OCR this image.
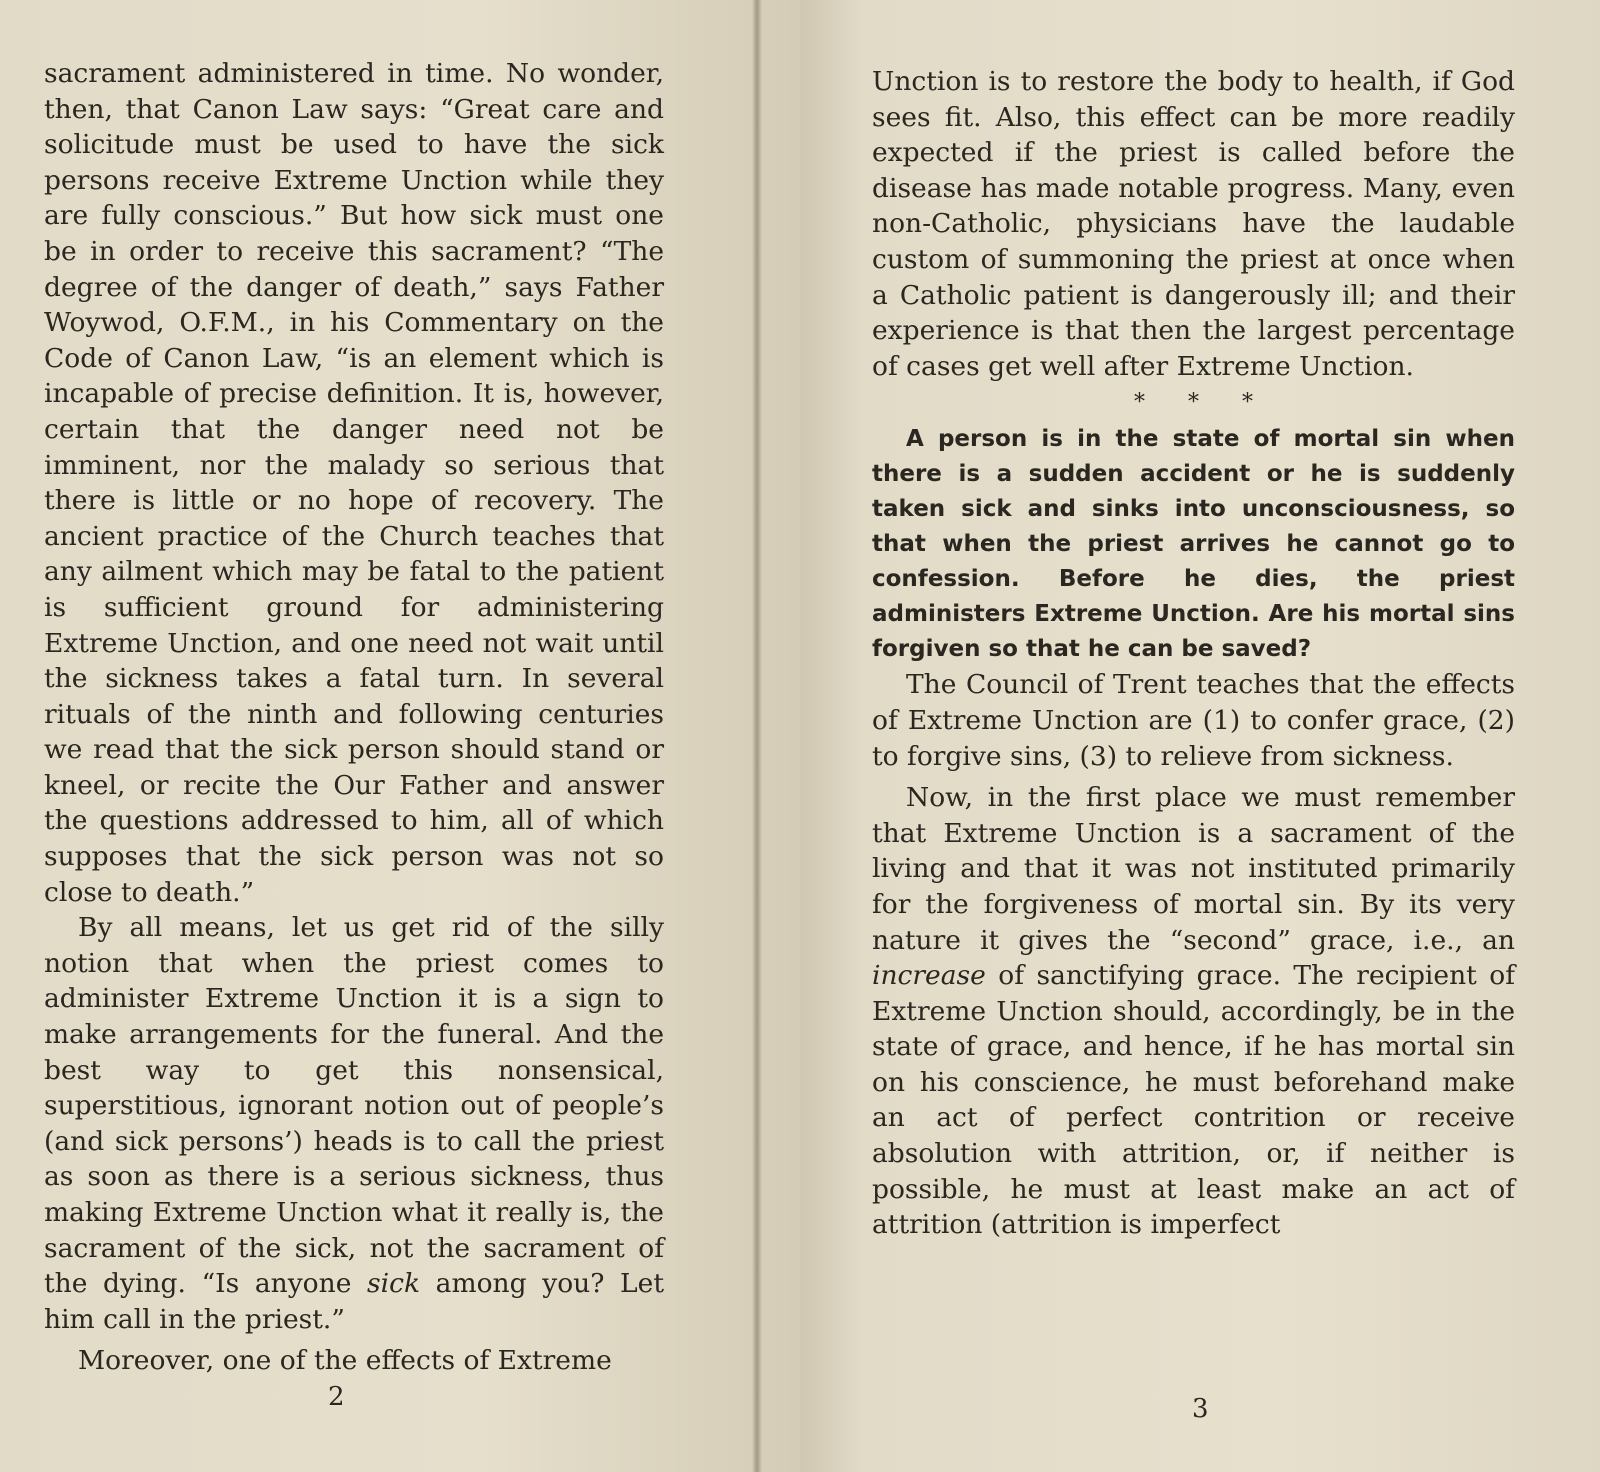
sacrament administered in time. No wonder, then, that Canon Law says: “Great care and solicitude must be used to have the sick persons receive Extreme Unction while they are fully conscious.” But how sick must one be in order to receive this sacrament? “The degree of the danger of death,” says Father Woywod, O.F.M., in his Commentary on the Code of Canon Law, “is an element which is incapable of precise definition. It is, however, certain that the danger need not be imminent, nor the malady so serious that there is little or no hope of recovery. The ancient practice of the Church teaches that any ailment which may be fatal to the patient is sufficient ground for administering Extreme Unction, and one need not wait until the sickness takes a fatal turn. In several rituals of the ninth and following centuries we read that the sick person should stand or kneel, or recite the Our Father and answer the questions addressed to him, all of which supposes that the sick person was not so close to death.”

By all means, let us get rid of the silly notion that when the priest comes to administer Extreme Unction it is a sign to make arrangements for the funeral. And the best way to get this nonsensical, superstitious, ignorant notion out of people’s (and sick persons’) heads is to call the priest as soon as there is a serious sickness, thus making Extreme Unction what it really is, the sacrament of the sick, not the sacrament of the dying. “Is anyone sick among you? Let him call in the priest.”

Moreover, one of the effects of Extreme

2

Unction is to restore the body to health, if God sees fit. Also, this effect can be more readily expected if the priest is called before the disease has made notable progress. Many, even non-Catholic, physicians have the laudable custom of summoning the priest at once when a Catholic patient is dangerously ill; and their experience is that then the largest percentage of cases get well after Extreme Unction.

* * *

A person is in the state of mortal sin when there is a sudden accident or he is suddenly taken sick and sinks into unconsciousness, so that when the priest arrives he cannot go to confession. Before he dies, the priest administers Extreme Unction. Are his mortal sins forgiven so that he can be saved?

The Council of Trent teaches that the effects of Extreme Unction are (1) to confer grace, (2) to forgive sins, (3) to relieve from sickness.

Now, in the first place we must remember that Extreme Unction is a sacrament of the living and that it was not instituted primarily for the forgiveness of mortal sin. By its very nature it gives the “second” grace, i.e., an increase of sanctifying grace. The recipient of Extreme Unction should, accordingly, be in the state of grace, and hence, if he has mortal sin on his conscience, he must beforehand make an act of perfect contrition or receive absolution with attrition, or, if neither is possible, he must at least make an act of attrition (attrition is imperfect

3
